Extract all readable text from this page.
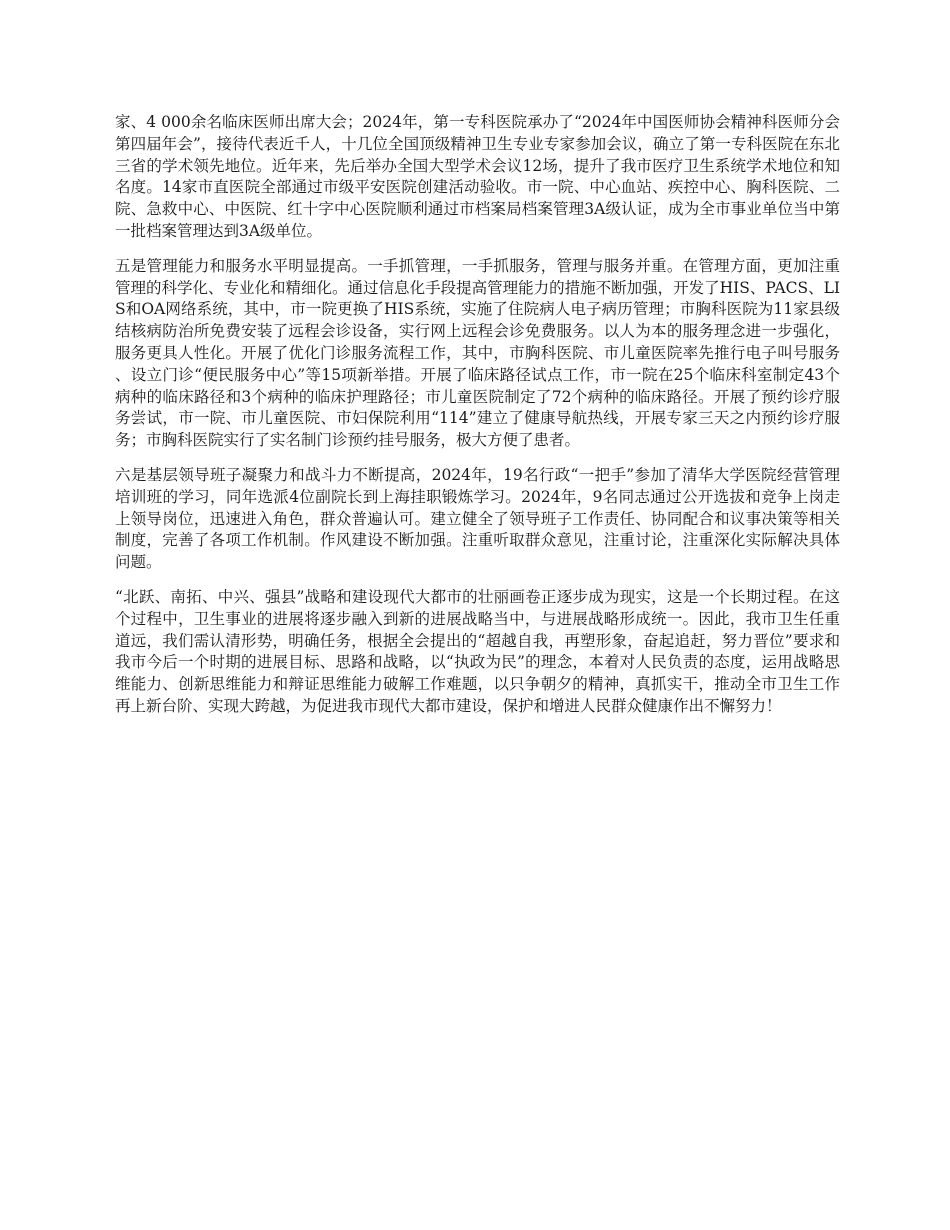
家、4 000余名临床医师出席大会；2024年，第一专科医院承办了“2024年中国医师协会精神科医师分会第四届年会”，接待代表近千人，十几位全国顶级精神卫生专业专家参加会议，确立了第一专科医院在东北三省的学术领先地位。近年来，先后举办全国大型学术会议12场，提升了我市医疗卫生系统学术地位和知名度。14家市直医院全部通过市级平安医院创建活动验收。市一院、中心血站、疾控中心、胸科医院、二院、急救中心、中医院、红十字中心医院顺利通过市档案局档案管理3A级认证，成为全市事业单位当中第一批档案管理达到3A级单位。

五是管理能力和服务水平明显提高。一手抓管理，一手抓服务，管理与服务并重。在管理方面，更加注重管理的科学化、专业化和精细化。通过信息化手段提高管理能力的措施不断加强，开发了HIS、PACS、LIS和OA网络系统，其中，市一院更换了HIS系统，实施了住院病人电子病历管理；市胸科医院为11家县级结核病防治所免费安装了远程会诊设备，实行网上远程会诊免费服务。以人为本的服务理念进一步强化，服务更具人性化。开展了优化门诊服务流程工作，其中，市胸科医院、市儿童医院率先推行电子叫号服务、设立门诊“便民服务中心”等15项新举措。开展了临床路径试点工作，市一院在25个临床科室制定43个病种的临床路径和3个病种的临床护理路径；市儿童医院制定了72个病种的临床路径。开展了预约诊疗服务尝试，市一院、市儿童医院、市妇保院利用“114”建立了健康导航热线，开展专家三天之内预约诊疗服务；市胸科医院实行了实名制门诊预约挂号服务，极大方便了患者。

六是基层领导班子凝聚力和战斗力不断提高，2024年，19名行政“一把手”参加了清华大学医院经营管理培训班的学习，同年选派4位副院长到上海挂职锻炼学习。2024年，9名同志通过公开选拔和竞争上岗走上领导岗位，迅速进入角色，群众普遍认可。建立健全了领导班子工作责任、协同配合和议事决策等相关制度，完善了各项工作机制。作风建设不断加强。注重听取群众意见，注重讨论，注重深化实际解决具体问题。

“北跃、南拓、中兴、强县”战略和建设现代大都市的壮丽画卷正逐步成为现实，这是一个长期过程。在这个过程中，卫生事业的进展将逐步融入到新的进展战略当中，与进展战略形成统一。因此，我市卫生任重道远，我们需认清形势，明确任务，根据全会提出的“超越自我，再塑形象，奋起追赶，努力晋位”要求和我市今后一个时期的进展目标、思路和战略，以“执政为民”的理念，本着对人民负责的态度，运用战略思维能力、创新思维能力和辩证思维能力破解工作难题，以只争朝夕的精神，真抓实干，推动全市卫生工作再上新台阶、实现大跨越，为促进我市现代大都市建设，保护和增进人民群众健康作出不懈努力！
